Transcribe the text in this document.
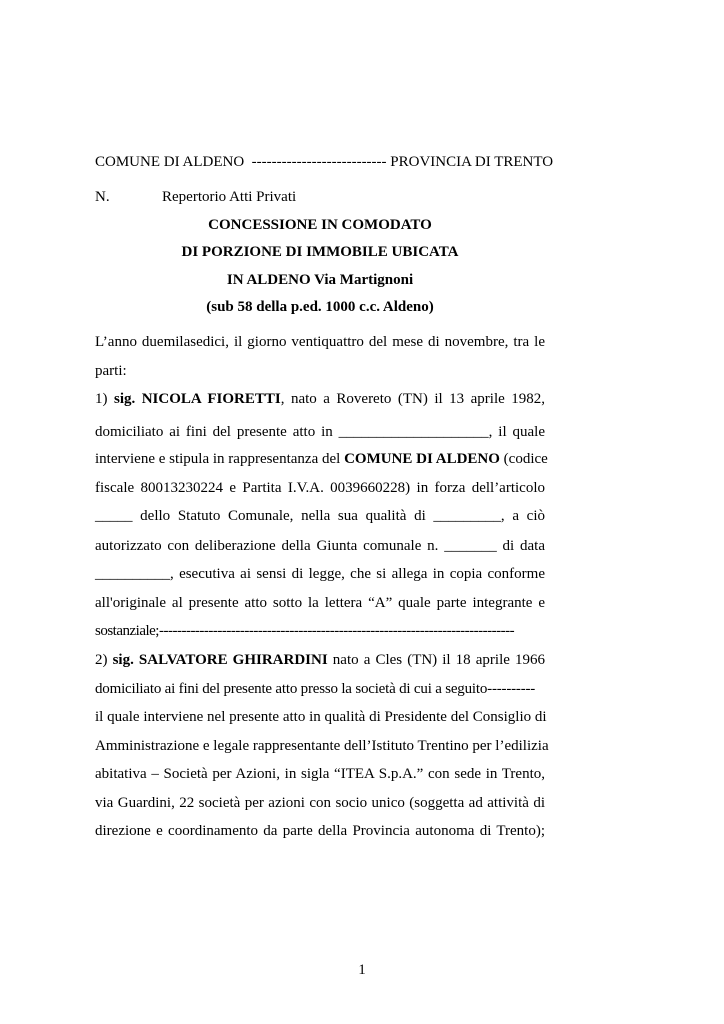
COMUNE DI ALDENO --------------------------- PROVINCIA DI TRENTO
N.	Repertorio Atti Privati
CONCESSIONE IN COMODATO
DI PORZIONE DI IMMOBILE UBICATA
IN ALDENO Via Martignoni
(sub 58 della p.ed. 1000 c.c. Aldeno)
L’anno duemilasedici, il giorno ventiquattro del mese di novembre, tra le
parti:
1) sig. NICOLA FIORETTI, nato a Rovereto (TN) il 13 aprile 1982,
domiciliato ai fini del presente atto in ____________________, il quale
interviene e stipula in rappresentanza del COMUNE DI ALDENO (codice
fiscale 80013230224 e Partita I.V.A. 0039660228) in forza dell’articolo
_____ dello Statuto Comunale, nella sua qualità di _________, a ciò
autorizzato con deliberazione della Giunta comunale n. _______ di data
__________, esecutiva ai sensi di legge, che si allega in copia conforme
all'originale al presente atto sotto la lettera “A” quale parte integrante e
sostanziale;-------------------------------------------------------------------------------
2) sig. SALVATORE GHIRARDINI nato a Cles (TN) il 18 aprile 1966
domiciliato ai fini del presente atto presso la società di cui a seguito----------
il quale interviene nel presente atto in qualità di Presidente del Consiglio di
Amministrazione e legale rappresentante dell’Istituto Trentino per l’edilizia
abitativa – Società per Azioni, in sigla “ITEA S.p.A.” con sede in Trento,
via Guardini, 22 società per azioni con socio unico (soggetta ad attività di
direzione e coordinamento da parte della Provincia autonoma di Trento);
1
